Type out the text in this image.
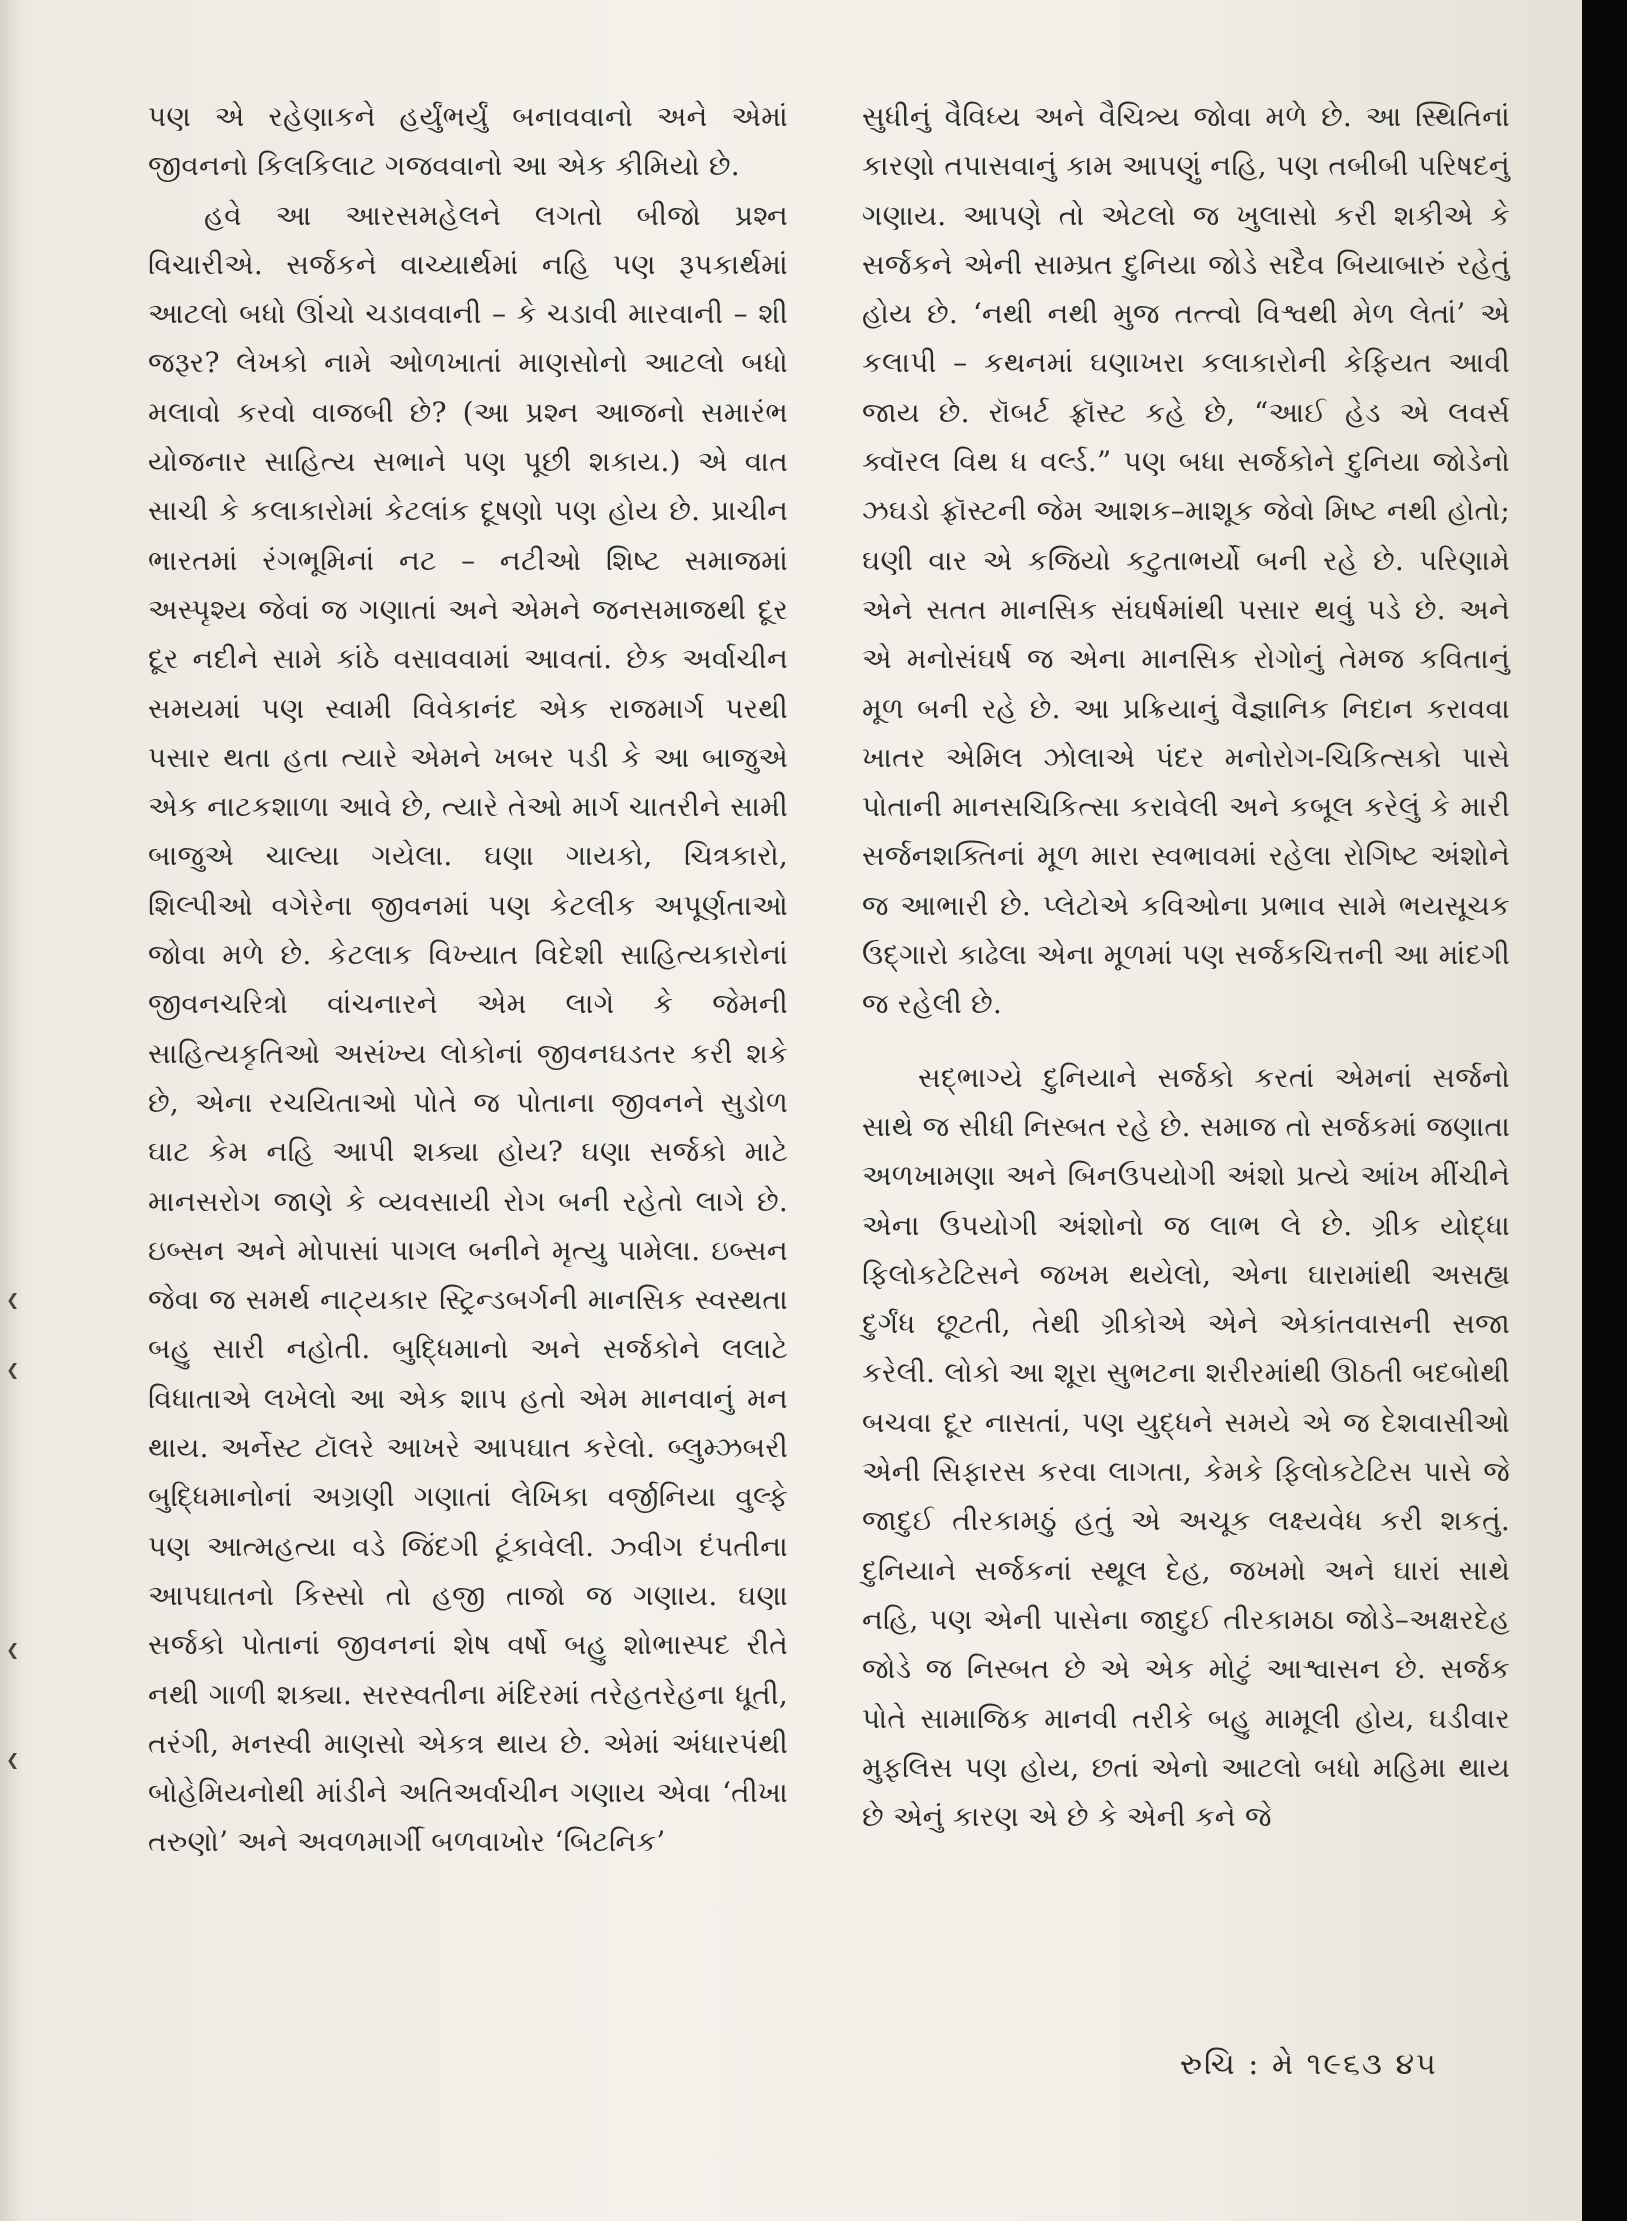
❮
❮
❮
❮

પણ એ રહેણાકને હર્યુંભર્યું બનાવવાનો અને એમાં જીવનનો કિલકિલાટ ગજવવાનો આ એક કીમિયો છે.

હવે આ આરસમહેલને લગતો બીજો પ્રશ્ન વિચારીએ. સર્જકને વાચ્યાર્થમાં નહિ પણ રૂપકાર્થમાં આટલો બધો ઊંચો ચડાવવાની – કે ચડાવી મારવાની – શી જરૂર? લેખકો નામે ઓળખાતાં માણસોનો આટલો બધો મલાવો કરવો વાજબી છે? (આ પ્રશ્ન આજનો સમારંભ યોજનાર સાહિત્ય સભાને પણ પૂછી શકાય.) એ વાત સાચી કે કલાકારોમાં કેટલાંક દૂષણો પણ હોય છે. પ્રાચીન ભારતમાં રંગભૂમિનાં નટ – નટીઓ શિષ્ટ સમાજમાં અસ્પૃશ્ય જેવાં જ ગણાતાં અને એમને જનસમાજથી દૂર દૂર નદીને સામે કાંઠે વસાવવામાં આવતાં. છેક અર્વાચીન સમયમાં પણ સ્વામી વિવેકાનંદ એક રાજમાર્ગ પરથી પસાર થતા હતા ત્યારે એમને ખબર પડી કે આ બાજુએ એક નાટકશાળા આવે છે, ત્યારે તેઓ માર્ગ ચાતરીને સામી બાજુએ ચાલ્યા ગયેલા. ઘણા ગાયકો, ચિત્રકારો, શિલ્પીઓ વગેરેના જીવનમાં પણ કેટલીક અપૂર્ણતાઓ જોવા મળે છે. કેટલાક વિખ્યાત વિદેશી સાહિત્યકારોનાં જીવનચરિત્રો વાંચનારને એમ લાગે કે જેમની સાહિત્યકૃતિઓ અસંખ્ય લોકોનાં જીવનઘડતર કરી શકે છે, એના રચયિતાઓ પોતે જ પોતાના જીવનને સુડોળ ઘાટ કેમ નહિ આપી શક્યા હોય? ઘણા સર્જકો માટે માનસરોગ જાણે કે વ્યવસાયી રોગ બની રહેતો લાગે છે. ઇબ્સન અને મોપાસાં પાગલ બનીને મૃત્યુ પામેલા. ઇબ્સન જેવા જ સમર્થ નાટ્યકાર સ્ટ્રિન્ડબર્ગની માનસિક સ્વસ્થતા બહુ સારી નહોતી. બુદ્ધિમાનો અને સર્જકોને લલાટે વિધાતાએ લખેલો આ એક શાપ હતો એમ માનવાનું મન થાય. અર્નેસ્ટ ટૉલરે આખરે આપઘાત કરેલો. બ્લુમ્ઝબરી બુદ્ધિમાનોનાં અગ્રણી ગણાતાં લેખિકા વર્જીનિયા વુલ્ફે પણ આત્મહત્યા વડે જિંદગી ટૂંકાવેલી. ઝ્વીગ દંપતીના આપઘાતનો કિસ્સો તો હજી તાજો જ ગણાય. ઘણા સર્જકો પોતાનાં જીવનનાં શેષ વર્ષો બહુ શોભાસ્પદ રીતે નથી ગાળી શક્યા. સરસ્વતીના મંદિરમાં તરેહતરેહના ધૂતી, તરંગી, મનસ્વી માણસો એકત્ર થાય છે. એમાં અંધારપંથી બોહેમિયનોથી માંડીને અતિઅર્વાચીન ગણાય એવા ‘તીખા તરુણો’ અને અવળમાર્ગી બળવાખોર ‘બિટનિક’

સુધીનું વૈવિધ્ય અને વૈચિત્ર્ય જોવા મળે છે. આ સ્થિતિનાં કારણો તપાસવાનું કામ આપણું નહિ, પણ તબીબી પરિષદનું ગણાય. આપણે તો એટલો જ ખુલાસો કરી શકીએ કે સર્જકને એની સામ્પ્રત દુનિયા જોડે સદૈવ બિયાબારું રહેતું હોય છે. ‘નથી નથી મુજ તત્ત્વો વિશ્વથી મેળ લેતાં’ એ કલાપી – કથનમાં ઘણાખરા કલાકારોની કેફિયત આવી જાય છે. રૉબર્ટ ફ્રૉસ્ટ કહે છે, “આઈ હેડ એ લવર્સ ક્વૉરલ વિથ ધ વર્લ્ડ.” પણ બધા સર્જકોને દુનિયા જોડેનો ઝઘડો ફ્રૉસ્ટની જેમ આશક–માશૂક જેવો મિષ્ટ નથી હોતો; ઘણી વાર એ કજિયો કટુતાભર્યો બની રહે છે. પરિણામે એને સતત માનસિક સંઘર્ષમાંથી પસાર થવું પડે છે. અને એ મનોસંઘર્ષ જ એના માનસિક રોગોનું તેમજ કવિતાનું મૂળ બની રહે છે. આ પ્રક્રિયાનું વૈજ્ઞાનિક નિદાન કરાવવા ખાતર એમિલ ઝોલાએ પંદર મનોરોગ-ચિકિત્સકો પાસે પોતાની માનસચિકિત્સા કરાવેલી અને કબૂલ કરેલું કે મારી સર્જનશક્તિનાં મૂળ મારા સ્વભાવમાં રહેલા રોગિષ્ટ અંશોને જ આભારી છે. પ્લેટોએ કવિઓના પ્રભાવ સામે ભયસૂચક ઉદ્ગારો કાઢેલા એના મૂળમાં પણ સર્જકચિત્તની આ માંદગી જ રહેલી છે.

સદ્ભાગ્યે દુનિયાને સર્જકો કરતાં એમનાં સર્જનો સાથે જ સીધી નિસ્બત રહે છે. સમાજ તો સર્જકમાં જણાતા અળખામણા અને બિનઉપયોગી અંશો પ્રત્યે આંખ મીંચીને એના ઉપયોગી અંશોનો જ લાભ લે છે. ગ્રીક યોદ્ધા ફિલોકટેટિસને જખમ થયેલો, એના ઘારામાંથી અસહ્ય દુર્ગંધ છૂટતી, તેથી ગ્રીકોએ એને એકાંતવાસની સજા કરેલી. લોકો આ શૂરા સુભટના શરીરમાંથી ઊઠતી બદબોથી બચવા દૂર નાસતાં, પણ યુદ્ધને સમયે એ જ દેશવાસીઓ એની સિફારસ કરવા લાગતા, કેમકે ફિલોકટેટિસ પાસે જે જાદુઈ તીરકામઠું હતું એ અચૂક લક્ષ્યવેધ કરી શકતું. દુનિયાને સર્જકનાં સ્થૂલ દેહ, જખમો અને ઘારાં સાથે નહિ, પણ એની પાસેના જાદુઈ તીરકામઠા જોડે–અક્ષરદેહ જોડે જ નિસ્બત છે એ એક મોટું આશ્વાસન છે. સર્જક પોતે સામાજિક માનવી તરીકે બહુ મામૂલી હોય, ઘડીવાર મુફલિસ પણ હોય, છતાં એનો આટલો બધો મહિમા થાય છે એનું કારણ એ છે કે એની કને જે

રુચિ : મે ૧૯૬૩ ૪૫
